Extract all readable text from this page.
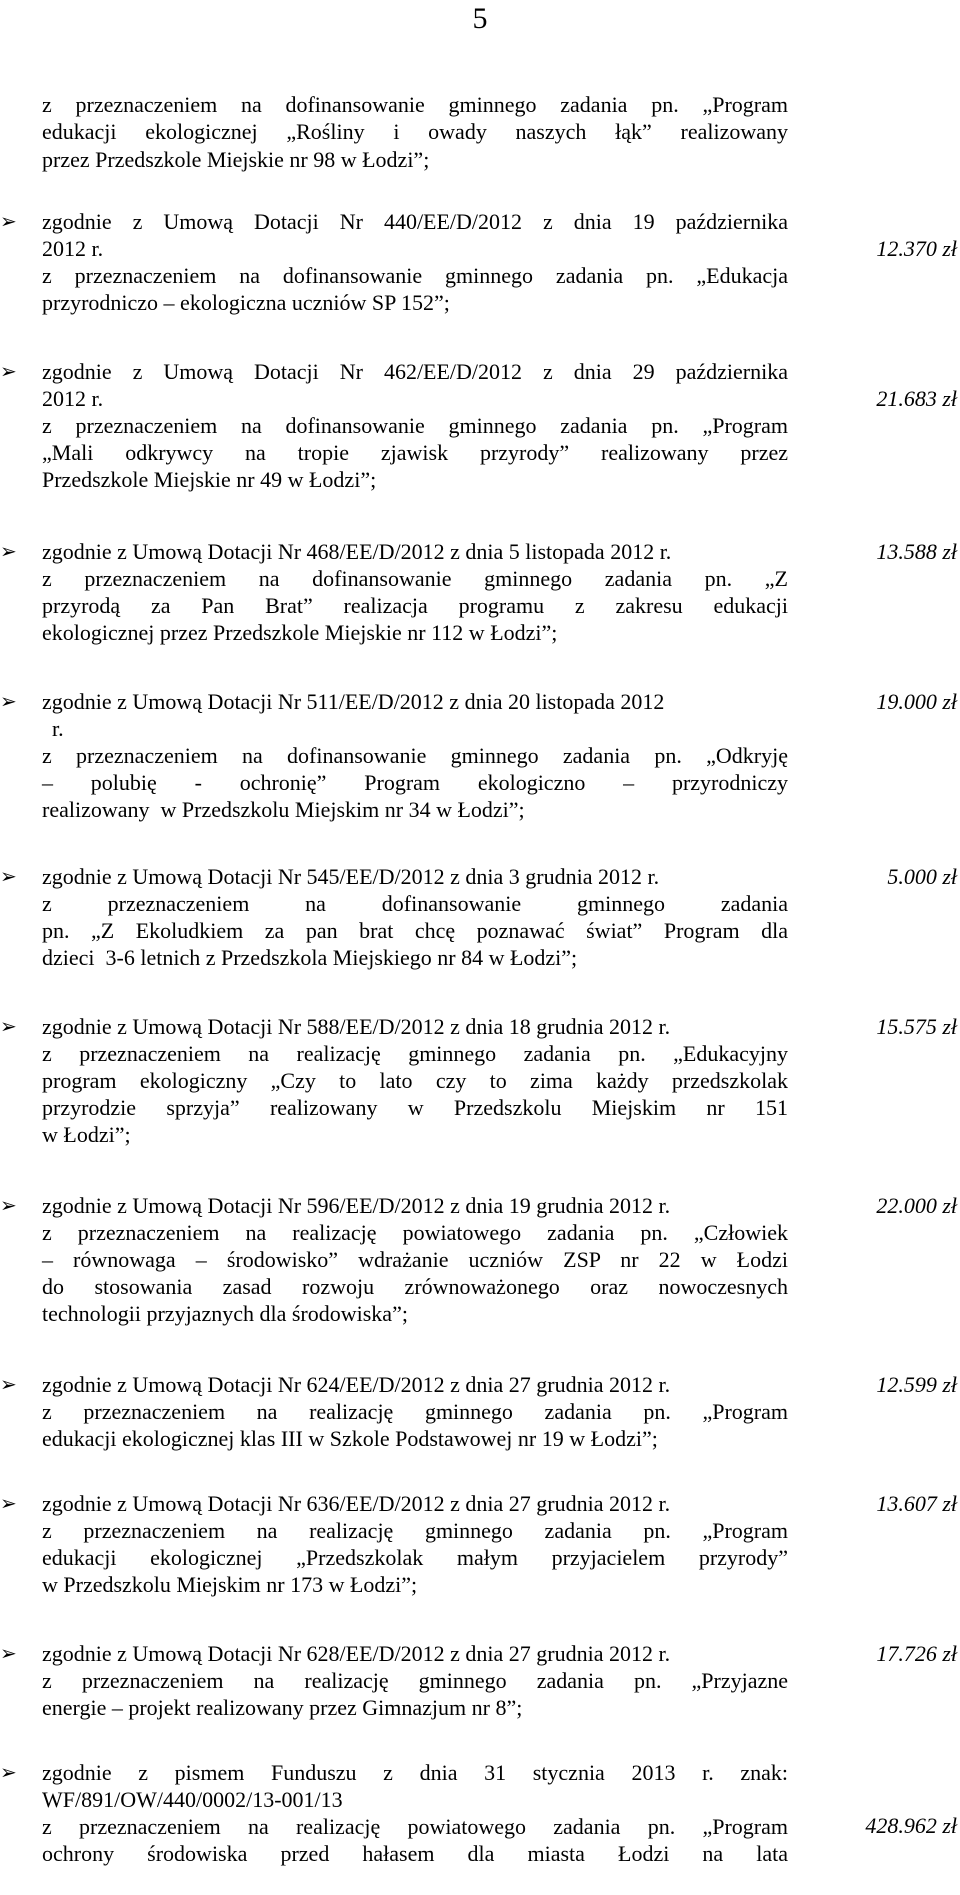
5
z przeznaczeniem na dofinansowanie gminnego zadania pn. „Program
edukacji ekologicznej „Rośliny i owady naszych łąk” realizowany
przez Przedszkole Miejskie nr 98 w Łodzi”;
➢ zgodnie z Umową Dotacji Nr 440/EE/D/2012 z dnia 19 października
2012 r.	12.370 zł
z przeznaczeniem na dofinansowanie gminnego zadania pn. „Edukacja
przyrodniczo – ekologiczna uczniów SP 152”;
➢ zgodnie z Umową Dotacji Nr 462/EE/D/2012 z dnia 29 października
2012 r.	21.683 zł
z przeznaczeniem na dofinansowanie gminnego zadania pn. „Program
„Mali odkrywcy na tropie zjawisk przyrody” realizowany przez
Przedszkole Miejskie nr 49 w Łodzi”;
➢ zgodnie z Umową Dotacji Nr 468/EE/D/2012 z dnia 5 listopada 2012 r.	13.588 zł
z przeznaczeniem na dofinansowanie gminnego zadania pn. „Z
przyrodą za Pan Brat” realizacja programu z zakresu edukacji
ekologicznej przez Przedszkole Miejskie nr 112 w Łodzi”;
➢ zgodnie z Umową Dotacji Nr 511/EE/D/2012 z dnia 20 listopada 2012	19.000 zł
r.
z przeznaczeniem na dofinansowanie gminnego zadania pn. „Odkryję
– polubię - ochronię” Program ekologiczno – przyrodniczy
realizowany  w Przedszkolu Miejskim nr 34 w Łodzi”;
➢ zgodnie z Umową Dotacji Nr 545/EE/D/2012 z dnia 3 grudnia 2012 r.	5.000 zł
z przeznaczeniem na dofinansowanie gminnego zadania
pn. „Z Ekoludkiem za pan brat chcę poznawać świat” Program dla
dzieci  3-6 letnich z Przedszkola Miejskiego nr 84 w Łodzi”;
➢ zgodnie z Umową Dotacji Nr 588/EE/D/2012 z dnia 18 grudnia 2012 r.	15.575 zł
z przeznaczeniem na realizację gminnego zadania pn. „Edukacyjny
program ekologiczny „Czy to lato czy to zima każdy przedszkolak
przyrodzie sprzyja” realizowany w Przedszkolu Miejskim nr 151
w Łodzi”;
➢ zgodnie z Umową Dotacji Nr 596/EE/D/2012 z dnia 19 grudnia 2012 r.	22.000 zł
z przeznaczeniem na realizację powiatowego zadania pn. „Człowiek
– równowaga – środowisko” wdrażanie uczniów ZSP nr 22 w Łodzi
do stosowania zasad rozwoju zrównoważonego oraz nowoczesnych
technologii przyjaznych dla środowiska”;
➢ zgodnie z Umową Dotacji Nr 624/EE/D/2012 z dnia 27 grudnia 2012 r.	12.599 zł
z przeznaczeniem na realizację gminnego zadania pn. „Program
edukacji ekologicznej klas III w Szkole Podstawowej nr 19 w Łodzi”;
➢ zgodnie z Umową Dotacji Nr 636/EE/D/2012 z dnia 27 grudnia 2012 r.	13.607 zł
z przeznaczeniem na realizację gminnego zadania pn. „Program
edukacji ekologicznej „Przedszkolak małym przyjacielem przyrody”
w Przedszkolu Miejskim nr 173 w Łodzi”;
➢ zgodnie z Umową Dotacji Nr 628/EE/D/2012 z dnia 27 grudnia 2012 r.	17.726 zł
z przeznaczeniem na realizację gminnego zadania pn. „Przyjazne
energie – projekt realizowany przez Gimnazjum nr 8”;
➢ zgodnie z pismem Funduszu z dnia 31 stycznia 2013 r. znak:
WF/891/OW/440/0002/13-001/13
428.962 zł
z przeznaczeniem na realizację powiatowego zadania pn. „Program
ochrony środowiska przed hałasem dla miasta Łodzi na lata
